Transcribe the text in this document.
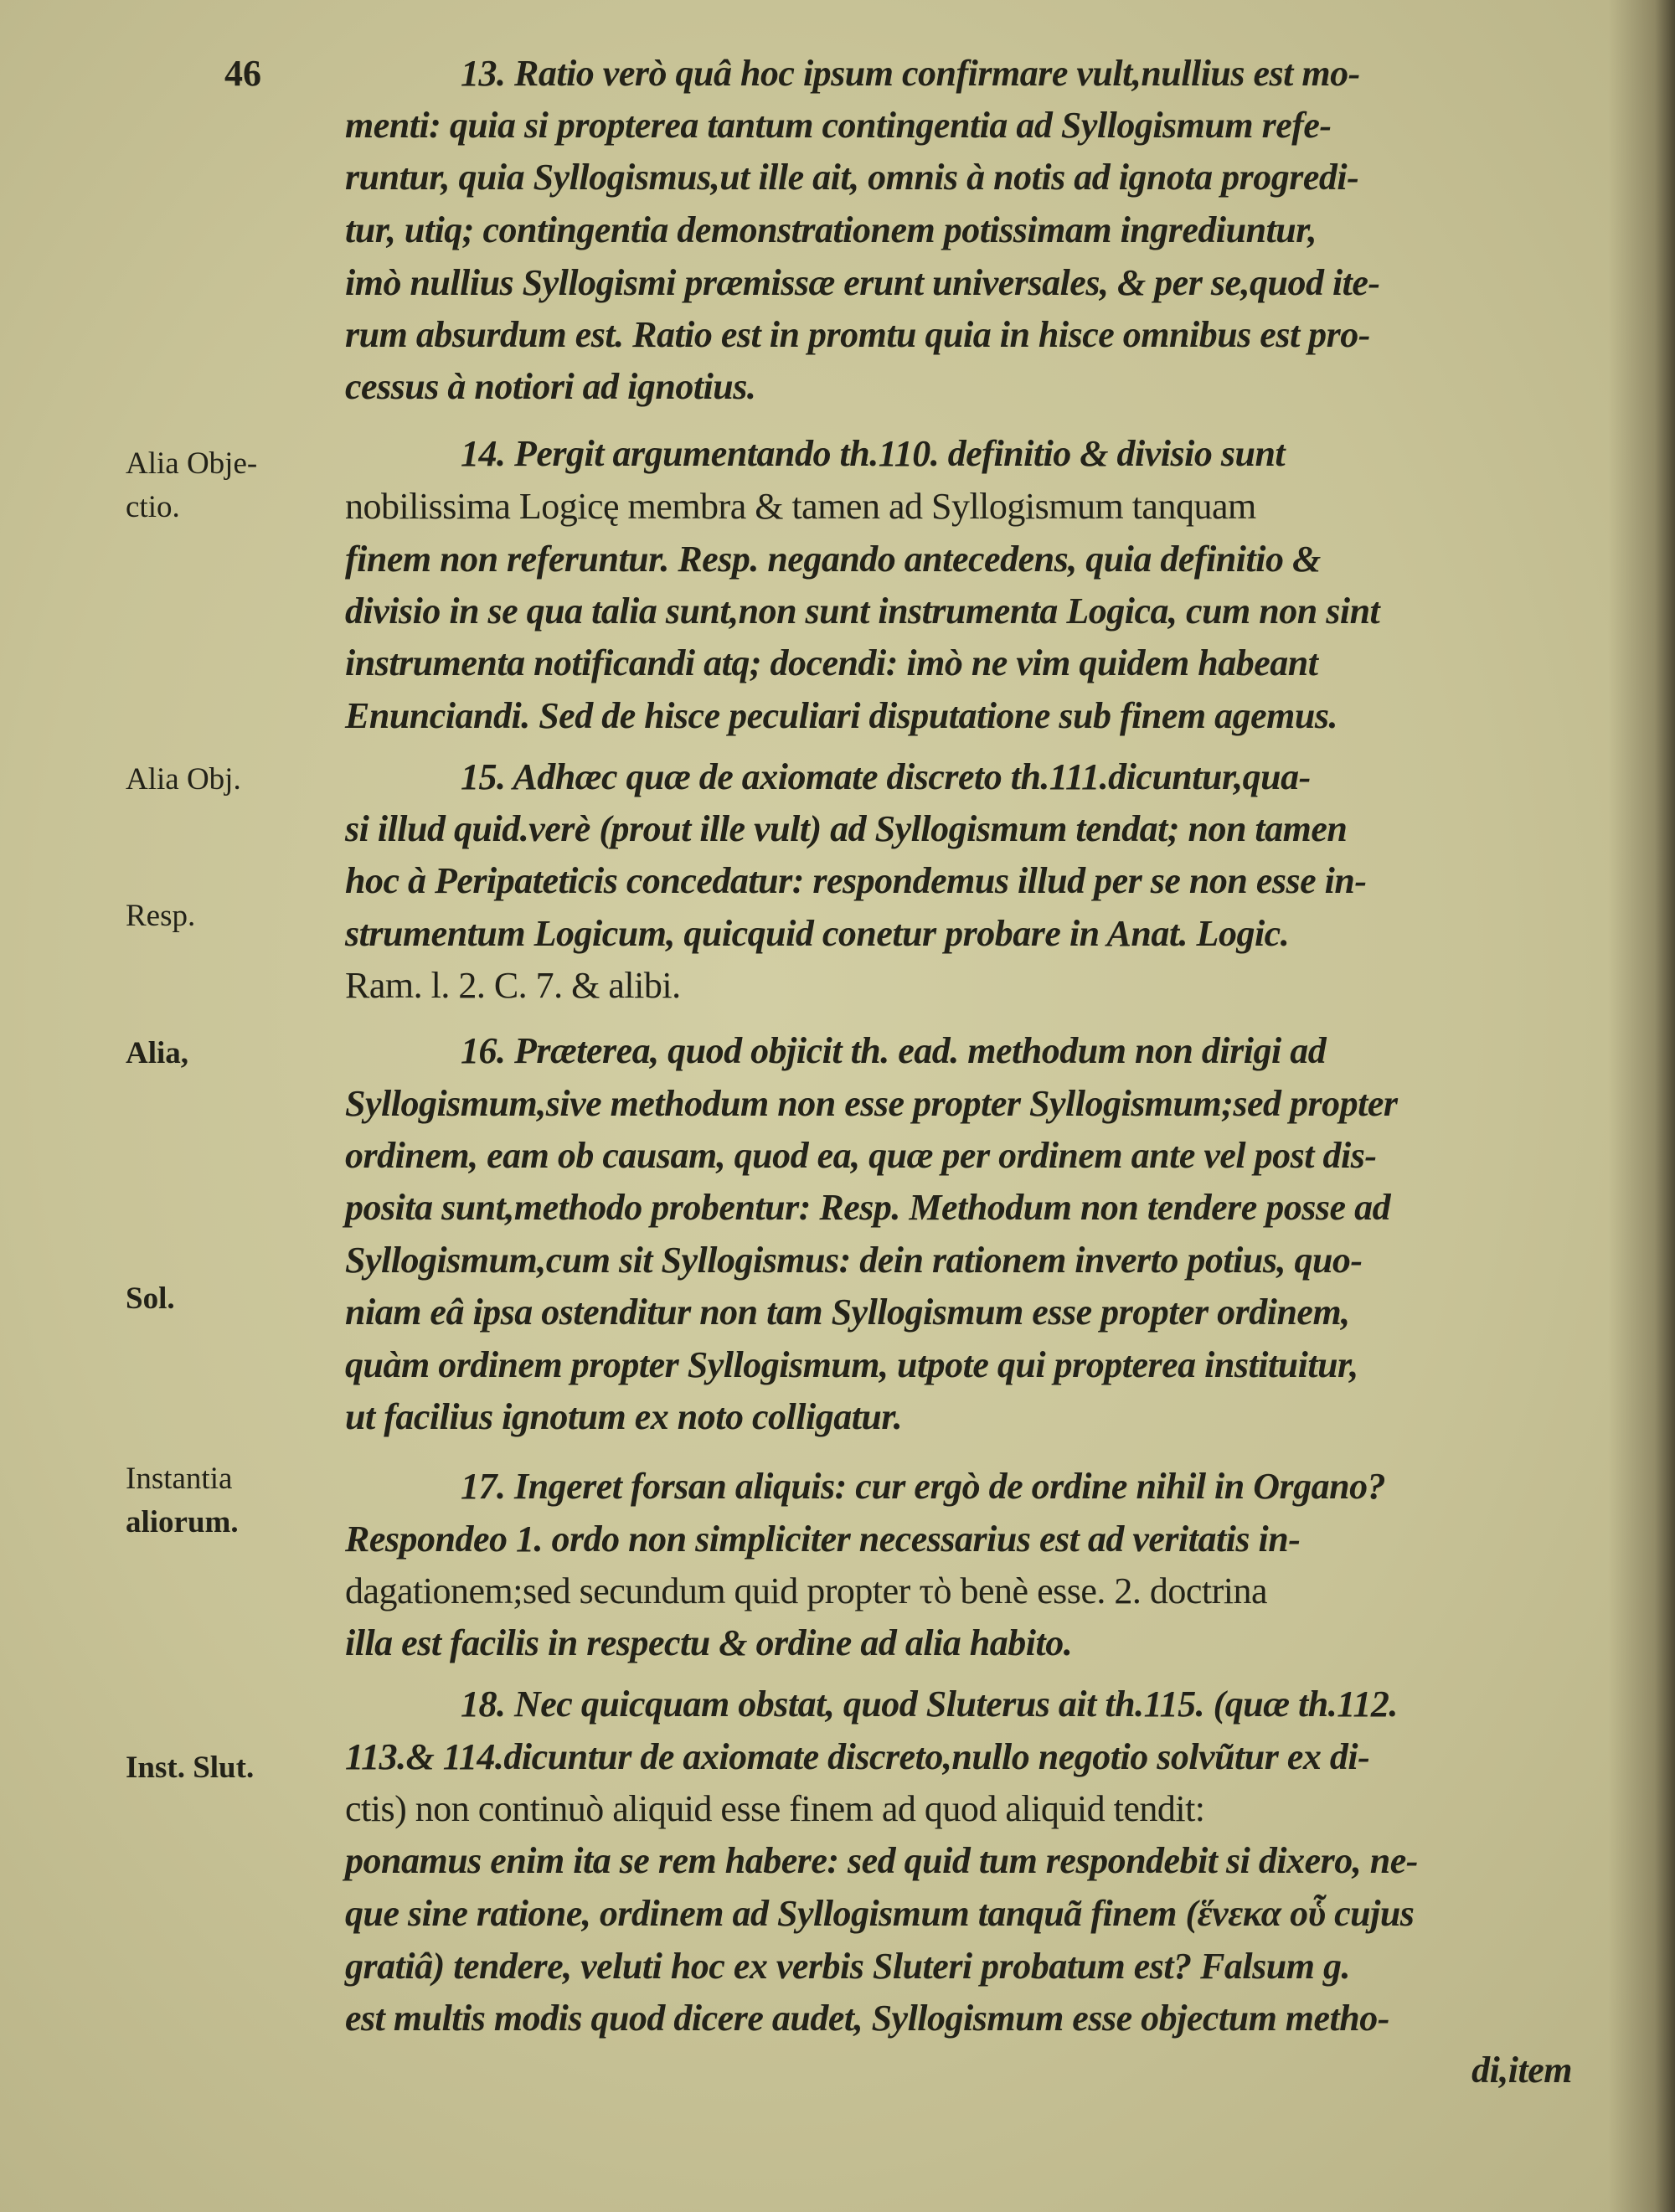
46
Alia Obje-
ctio.
Alia Obj.
Resp.
Alia,
Sol.
Instantia
aliorum.
Inst. Slut.
13. Ratio verò quâ hoc ipsum confirmare vult,nullius est mo-
menti: quia si propterea tantum contingentia ad Syllogismum refe-
runtur, quia Syllogismus,ut ille ait, omnis à notis ad ignota progredi-
tur, utiq; contingentia demonstrationem potissimam ingrediuntur,
imò nullius Syllogismi præmissæ erunt universales, & per se,quod ite-
rum absurdum est. Ratio est in promtu quia in hisce omnibus est pro-
cessus à notiori ad ignotius.
14. Pergit argumentando th.110. definitio & divisio sunt
nobilissima Logicę membra & tamen ad Syllogismum tanquam
finem non referuntur. Resp. negando antecedens, quia definitio &
divisio in se qua talia sunt,non sunt instrumenta Logica, cum non sint
instrumenta notificandi atq; docendi: imò ne vim quidem habeant
Enunciandi. Sed de hisce peculiari disputatione sub finem agemus.
15. Adhæc quæ de axiomate discreto th.111.dicuntur,qua-
si illud quid.verè (prout ille vult) ad Syllogismum tendat; non tamen
hoc à Peripateticis concedatur: respondemus illud per se non esse in-
strumentum Logicum, quicquid conetur probare in Anat. Logic.
Ram. l. 2. C. 7. & alibi.
16. Præterea, quod objicit th. ead. methodum non dirigi ad
Syllogismum,sive methodum non esse propter Syllogismum;sed propter
ordinem, eam ob causam, quod ea, quæ per ordinem ante vel post dis-
posita sunt,methodo probentur: Resp. Methodum non tendere posse ad
Syllogismum,cum sit Syllogismus: dein rationem inverto potius, quo-
niam eâ ipsa ostenditur non tam Syllogismum esse propter ordinem,
quàm ordinem propter Syllogismum, utpote qui propterea instituitur,
ut facilius ignotum ex noto colligatur.
17. Ingeret forsan aliquis: cur ergò de ordine nihil in Organo?
Respondeo 1. ordo non simpliciter necessarius est ad veritatis in-
dagationem;sed secundum quid propter τὸ benè esse. 2. doctrina
illa est facilis in respectu & ordine ad alia habito.
18. Nec quicquam obstat, quod Sluterus ait th.115. (quæ th.112.
113.& 114.dicuntur de axiomate discreto,nullo negotio solvũtur ex di-
ctis) non continuò aliquid esse finem ad quod aliquid tendit:
ponamus enim ita se rem habere: sed quid tum respondebit si dixero, ne-
que sine ratione, ordinem ad Syllogismum tanquã finem (ἕνεκα οὗ cujus
gratiâ) tendere, veluti hoc ex verbis Sluteri probatum est? Falsum g.
est multis modis quod dicere audet, Syllogismum esse objectum metho-
di,item
